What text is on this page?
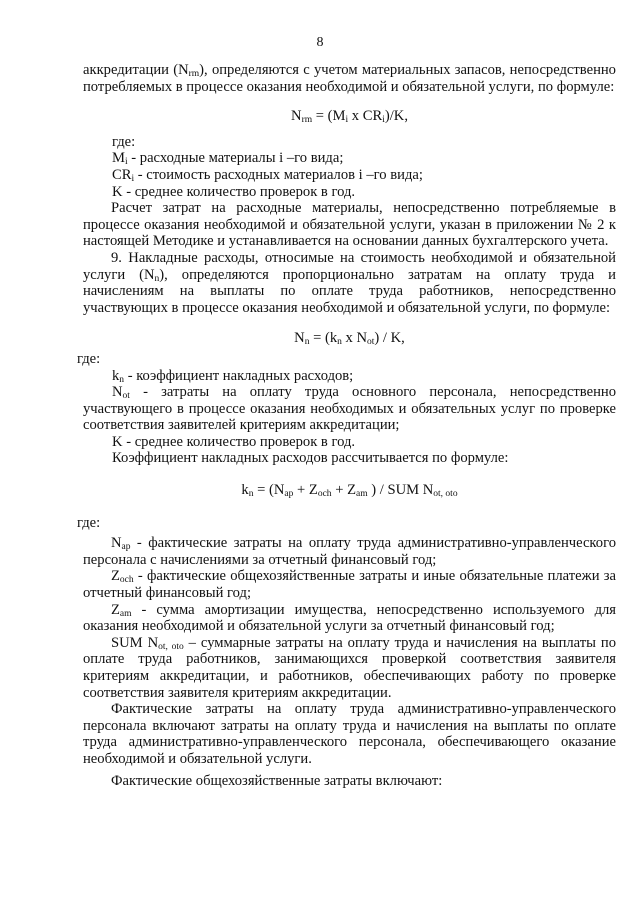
8

аккредитации $(N_{rm})$, определяются с учетом материальных запасов, непосредственно потребляемых в процессе оказания необходимой и обязательной услуги, по формуле:

$N_{rm} = (M_i$ x $CR_i)/K$,

где:

$M_i$ - расходные материалы i –го вида;

$CR_i$ - стоимость расходных материалов i –го вида;

K - среднее количество проверок в год.

Расчет затрат на расходные материалы, непосредственно потребляемые в процессе оказания необходимой и обязательной услуги, указан в приложении № 2 к настоящей Методике и устанавливается на основании данных бухгалтерского учета.

9. Накладные расходы, относимые на стоимость необходимой и обязательной услуги $(N_n)$, определяются пропорционально затратам на оплату труда и начислениям на выплаты по оплате труда работников, непосредственно участвующих в процессе оказания необходимой и обязательной услуги, по формуле:

$N_n = (k_n$ x $N_{ot}$) / K,

где:

$k_n$ - коэффициент накладных расходов;

$N_{ot}$ - затраты на оплату труда основного персонала, непосредственно участвующего в процессе оказания необходимых и обязательных услуг по проверке соответствия заявителей критериям аккредитации;

K - среднее количество проверок в год.

Коэффициент накладных расходов рассчитывается по формуле:

$k_n = (N_{ap} + Z_{och} + Z_{am}$ ) / SUM $N_{ot, oto}$

где:

$N_{ap}$ - фактические затраты на оплату труда административно-управленческого персонала с начислениями за отчетный финансовый год;

$Z_{och}$ - фактические общехозяйственные затраты и иные обязательные платежи за отчетный финансовый год;

$Z_{am}$ - сумма амортизации имущества, непосредственно используемого для оказания необходимой и обязательной услуги за отчетный финансовый год;

SUM $N_{ot, oto}$ – суммарные затраты на оплату труда и начисления на выплаты по оплате труда работников, занимающихся проверкой соответствия заявителя критериям аккредитации, и работников, обеспечивающих работу по проверке соответствия заявителя критериям аккредитации.

Фактические затраты на оплату труда административно-управленческого персонала включают затраты на оплату труда и начисления на выплаты по оплате труда административно-управленческого персонала, обеспечивающего оказание необходимой и обязательной услуги.

Фактические общехозяйственные затраты включают:
